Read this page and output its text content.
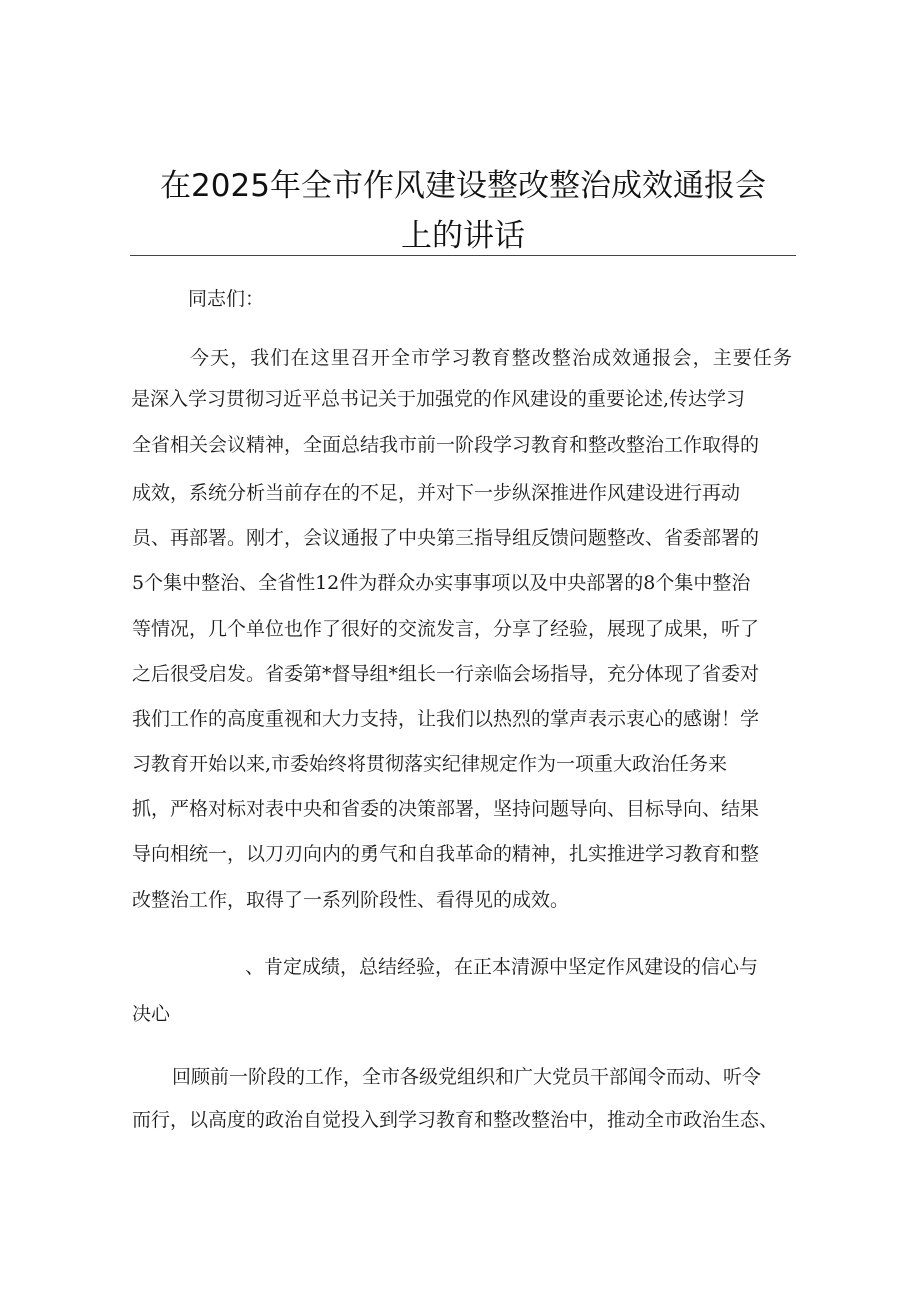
在2025年全市作风建设整改整治成效通报会
上的讲话
同志们：
今天，我们在这里召开全市学习教育整改整治成效通报会，主要任务
是深入学习贯彻习近平总书记关于加强党的作风建设的重要论述,传达学习
全省相关会议精神，全面总结我市前一阶段学习教育和整改整治工作取得的
成效，系统分析当前存在的不足，并对下一步纵深推进作风建设进行再动
员、再部署。刚才，会议通报了中央第三指导组反馈问题整改、省委部署的
5个集中整治、全省性12件为群众办实事事项以及中央部署的8个集中整治
等情况，几个单位也作了很好的交流发言，分享了经验，展现了成果，听了
之后很受启发。省委第*督导组*组长一行亲临会场指导，充分体现了省委对
我们工作的高度重视和大力支持，让我们以热烈的掌声表示衷心的感谢！学
习教育开始以来,市委始终将贯彻落实纪律规定作为一项重大政治任务来
抓，严格对标对表中央和省委的决策部署，坚持问题导向、目标导向、结果
导向相统一，以刀刃向内的勇气和自我革命的精神，扎实推进学习教育和整
改整治工作，取得了一系列阶段性、看得见的成效。
、肯定成绩，总结经验，在正本清源中坚定作风建设的信心与
决心
回顾前一阶段的工作，全市各级党组织和广大党员干部闻令而动、听令
而行，以高度的政治自觉投入到学习教育和整改整治中，推动全市政治生态、
